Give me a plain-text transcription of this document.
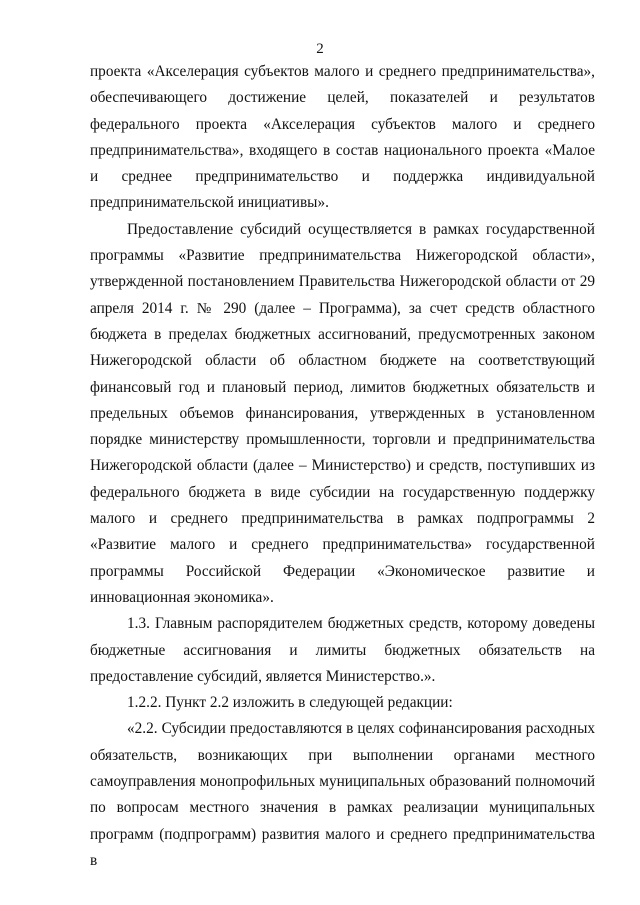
2

проекта «Акселерация субъектов малого и среднего предпринимательства», обеспечивающего достижение целей, показателей и результатов федерального проекта «Акселерация субъектов малого и среднего предпринимательства», входящего в состав национального проекта «Малое и среднее предпринимательство и поддержка индивидуальной предпринимательской инициативы».

Предоставление субсидий осуществляется в рамках государственной программы «Развитие предпринимательства Нижегородской области», утвержденной постановлением Правительства Нижегородской области от 29 апреля 2014 г. № 290 (далее – Программа), за счет средств областного бюджета в пределах бюджетных ассигнований, предусмотренных законом Нижегородской области об областном бюджете на соответствующий финансовый год и плановый период, лимитов бюджетных обязательств и предельных объемов финансирования, утвержденных в установленном порядке министерству промышленности, торговли и предпринимательства Нижегородской области (далее – Министерство) и средств, поступивших из федерального бюджета в виде субсидии на государственную поддержку малого и среднего предпринимательства в рамках подпрограммы 2 «Развитие малого и среднего предпринимательства» государственной программы Российской Федерации «Экономическое развитие и инновационная экономика».

1.3. Главным распорядителем бюджетных средств, которому доведены бюджетные ассигнования и лимиты бюджетных обязательств на предоставление субсидий, является Министерство.».

1.2.2. Пункт 2.2 изложить в следующей редакции:

«2.2. Субсидии предоставляются в целях софинансирования расходных обязательств, возникающих при выполнении органами местного самоуправления монопрофильных муниципальных образований полномочий по вопросам местного значения в рамках реализации муниципальных программ (подпрограмм) развития малого и среднего предпринимательства в
